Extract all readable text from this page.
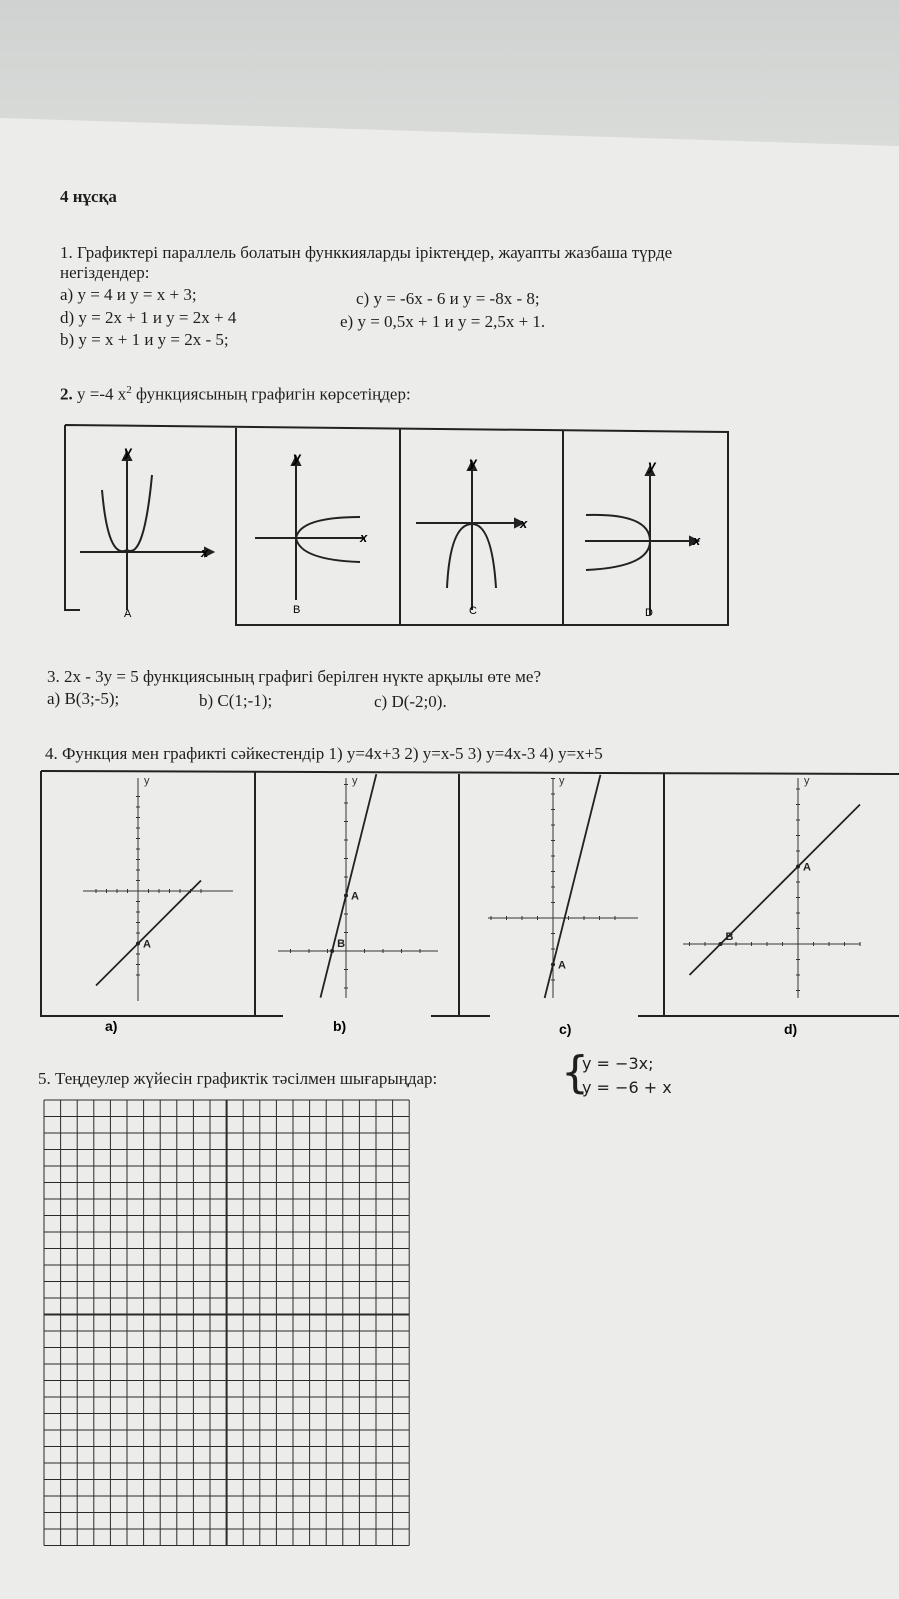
4 нұсқа
1. Графиктері параллель болатын функкияларды іріктеңдер, жауапты жазбаша түрде
негіздендер:
a) y = 4 и y = x + 3;	c) y = -6x - 6 и y = -8x - 8;
d) y = 2x + 1 и y = 2x + 4	e) y = 0,5x + 1 и y = 2,5x + 1.
b) y = x + 1 и y = 2x - 5;
2. y =-4 $x^2$ функциясының графигін көрсетіңдер:
y
x
A
y
x
B
y
x
C
y
x
D
3. 2x - 3y = 5 функциясының графигі берілген нүкте арқылы өте ме?
a) B(3;-5);	b) C(1;-1);	c) D(-2;0).
4. Функция мен графикті сәйкестендір 1) y=4x+3 2) y=x-5 3) y=4x-3 4) y=x+5
y
A
y
A
B
y
A
y
A
B
a)	b)	c)	d)
5. Теңдеулер жүйесін графиктік тәсілмен шығарыңдар:	{
y = −3x;
y = −6 + x
